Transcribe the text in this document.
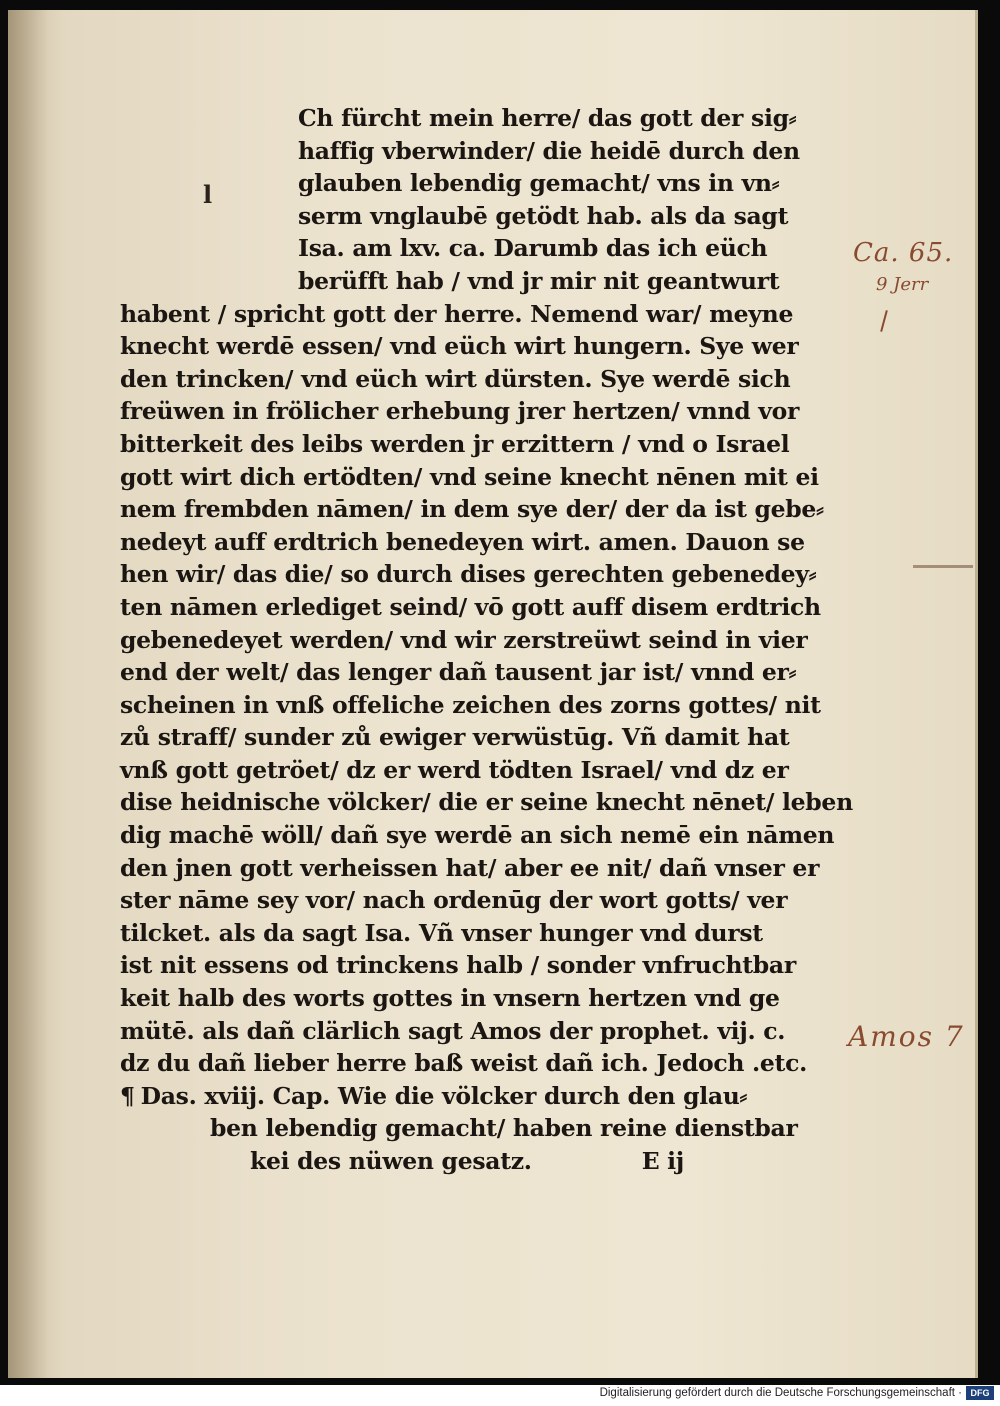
l
Ch fürcht mein herre/ das gott der sig⸗
haffig vberwinder/ die heidē durch den
glauben lebendig gemacht/ vns in vn⸗
serm vnglaubē getödt hab. als da sagt
Isa. am lxv. ca. Darumb das ich eüch
berüfft hab / vnd jr mir nit geantwurt
habent / spricht gott der herre. Nemend war/ meyne
knecht werdē essen/ vnd eüch wirt hungern. Sye wer
den trincken/ vnd eüch wirt dürsten. Sye werdē sich
freüwen in frölicher erhebung jrer hertzen/ vnnd vor
bitterkeit des leibs werden jr erzittern / vnd o Israel
gott wirt dich ertödten/ vnd seine knecht nēnen mit ei
nem frembden nāmen/ in dem sye der/ der da ist gebe⸗
nedeyt auff erdtrich benedeyen wirt. amen. Dauon se
hen wir/ das die/ so durch dises gerechten gebenedey⸗
ten nāmen erlediget seind/ vō gott auff disem erdtrich
gebenedeyet werden/ vnd wir zerstreüwt seind in vier
end der welt/ das lenger dañ tausent jar ist/ vnnd er⸗
scheinen in vnß offeliche zeichen des zorns gottes/ nit
zů straff/ sunder zů ewiger verwüstūg. Vñ damit hat
vnß gott getröet/ dz er werd tödten Israel/ vnd dz er
dise heidnische völcker/ die er seine knecht nēnet/ leben
dig machē wöll/ dañ sye werdē an sich nemē ein nāmen
den jnen gott verheissen hat/ aber ee nit/ dañ vnser er
ster nāme sey vor/ nach ordenūg der wort gotts/ ver
tilcket. als da sagt Isa. Vñ vnser hunger vnd durst
ist nit essens od trinckens halb / sonder vnfruchtbar
keit halb des worts gottes in vnsern hertzen vnd ge
mütē. als dañ clärlich sagt Amos der prophet. vij. c.
dz du dañ lieber herre baß weist dañ ich. Jedoch .etc.
¶ Das. xviij. Cap. Wie die völcker durch den glau⸗
ben lebendig gemacht/ haben reine dienstbar
kei des nüwen gesatz.	E ij
Ca. 65.
9 Jerr
Amos 7
Digitalisierung gefördert durch die Deutsche Forschungsgemeinschaft · DFG
